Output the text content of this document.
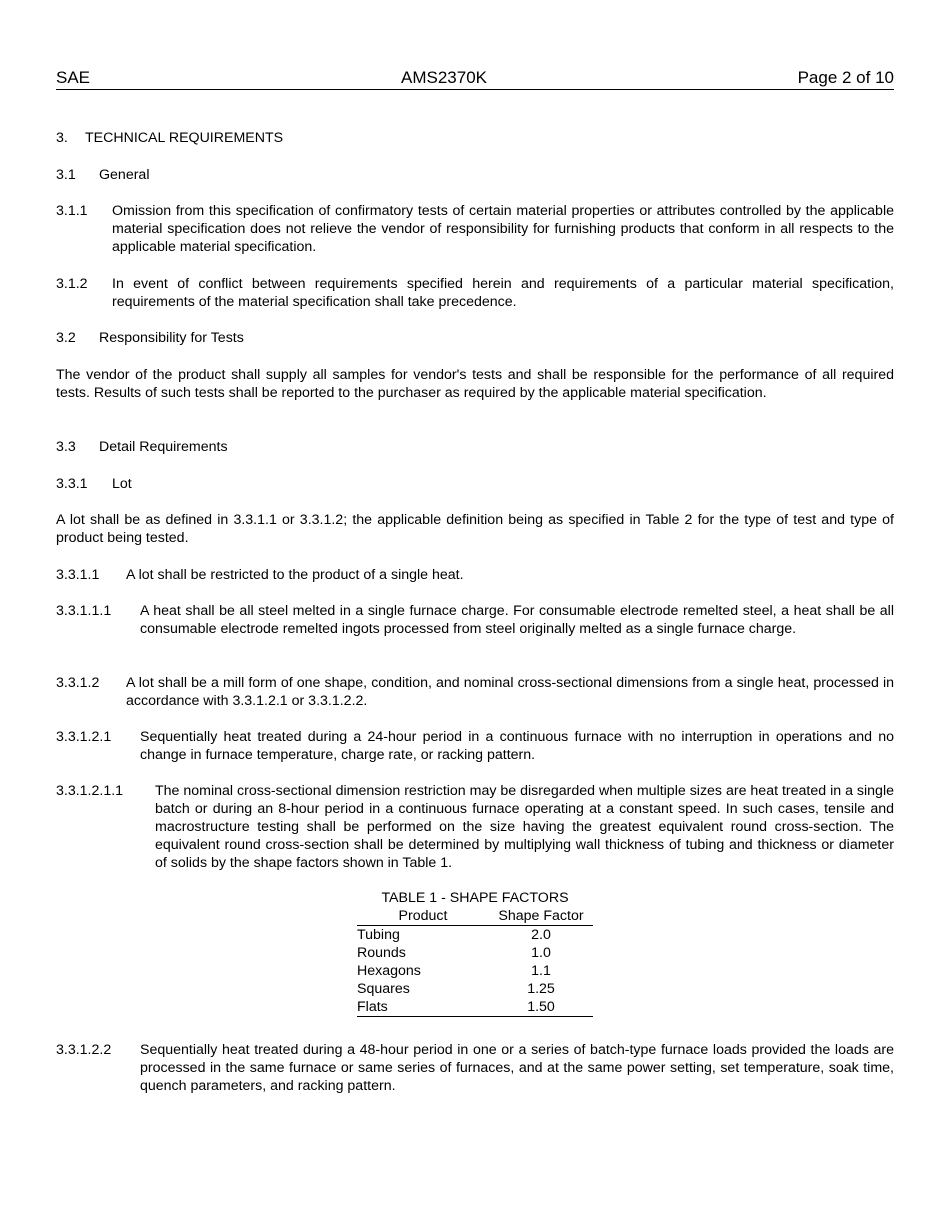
SAE	AMS2370K	Page 2 of 10
3.	TECHNICAL REQUIREMENTS
3.1	General
3.1.1	Omission from this specification of confirmatory tests of certain material properties or attributes controlled by the applicable material specification does not relieve the vendor of responsibility for furnishing products that conform in all respects to the applicable material specification.
3.1.2	In event of conflict between requirements specified herein and requirements of a particular material specification, requirements of the material specification shall take precedence.
3.2	Responsibility for Tests
The vendor of the product shall supply all samples for vendor's tests and shall be responsible for the performance of all required tests. Results of such tests shall be reported to the purchaser as required by the applicable material specification.
3.3	Detail Requirements
3.3.1	Lot
A lot shall be as defined in 3.3.1.1 or 3.3.1.2; the applicable definition being as specified in Table 2 for the type of test and type of product being tested.
3.3.1.1	A lot shall be restricted to the product of a single heat.
3.3.1.1.1	A heat shall be all steel melted in a single furnace charge. For consumable electrode remelted steel, a heat shall be all consumable electrode remelted ingots processed from steel originally melted as a single furnace charge.
3.3.1.2	A lot shall be a mill form of one shape, condition, and nominal cross-sectional dimensions from a single heat, processed in accordance with 3.3.1.2.1 or 3.3.1.2.2.
3.3.1.2.1	Sequentially heat treated during a 24-hour period in a continuous furnace with no interruption in operations and no change in furnace temperature, charge rate, or racking pattern.
3.3.1.2.1.1	The nominal cross-sectional dimension restriction may be disregarded when multiple sizes are heat treated in a single batch or during an 8-hour period in a continuous furnace operating at a constant speed. In such cases, tensile and macrostructure testing shall be performed on the size having the greatest equivalent round cross-section. The equivalent round cross-section shall be determined by multiplying wall thickness of tubing and thickness or diameter of solids by the shape factors shown in Table 1.
TABLE 1 - SHAPE FACTORS
Product	Shape Factor
Tubing	2.0
Rounds	1.0
Hexagons	1.1
Squares	1.25
Flats	1.50
3.3.1.2.2	Sequentially heat treated during a 48-hour period in one or a series of batch-type furnace loads provided the loads are processed in the same furnace or same series of furnaces, and at the same power setting, set temperature, soak time, quench parameters, and racking pattern.
